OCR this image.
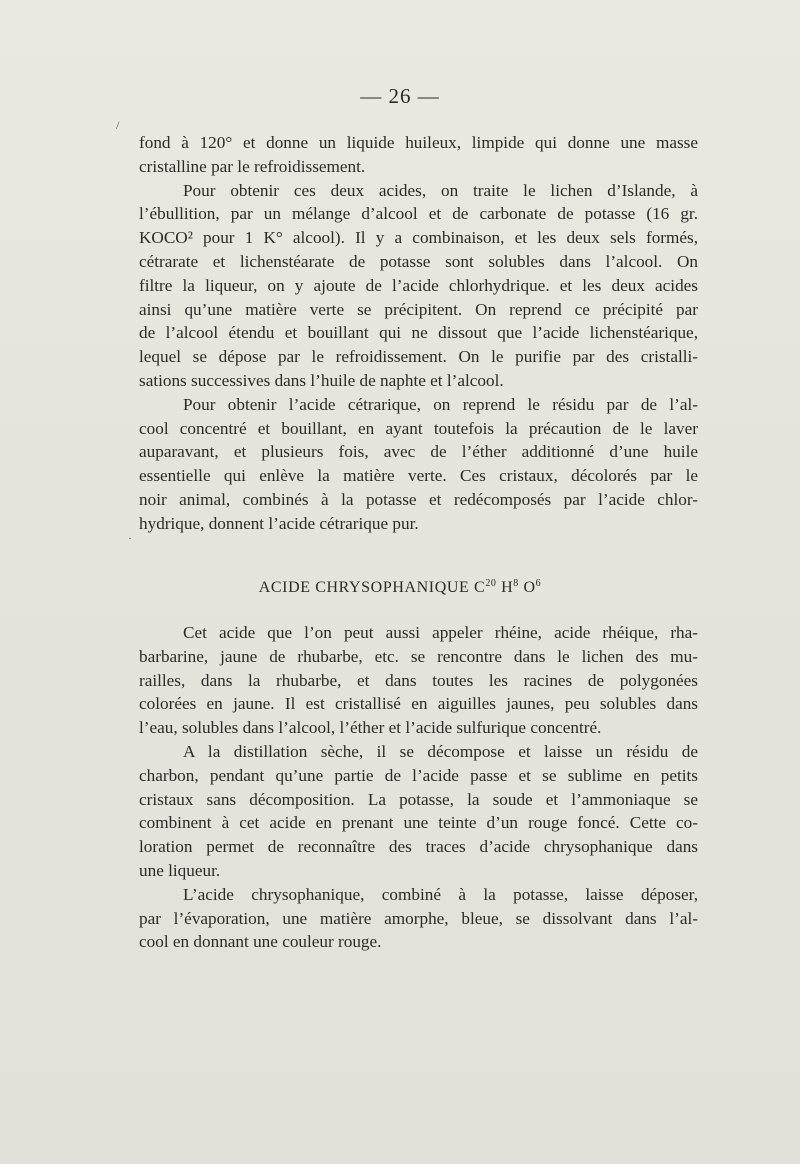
— 26 —
fond à 120° et donne un liquide huileux, limpide qui donne une masse
cristalline par le refroidissement.
Pour obtenir ces deux acides, on traite le lichen d’Islande, à
l’ébullition, par un mélange d’alcool et de carbonate de potasse (16 gr.
KOCO² pour 1 K° alcool). Il y a combinaison, et les deux sels formés,
cétrarate et lichenstéarate de potasse sont solubles dans l’alcool. On
filtre la liqueur, on y ajoute de l’acide chlorhydrique. et les deux acides
ainsi qu’une matière verte se précipitent. On reprend ce précipité par
de l’alcool étendu et bouillant qui ne dissout que l’acide lichenstéarique,
lequel se dépose par le refroidissement. On le purifie par des cristalli-
sations successives dans l’huile de naphte et l’alcool.
Pour obtenir l’acide cétrarique, on reprend le résidu par de l’al-
cool concentré et bouillant, en ayant toutefois la précaution de le laver
auparavant, et plusieurs fois, avec de l’éther additionné d’une huile
essentielle qui enlève la matière verte. Ces cristaux, décolorés par le
noir animal, combinés à la potasse et redécomposés par l’acide chlor-
hydrique, donnent l’acide cétrarique pur.
ACIDE CHRYSOPHANIQUE $C^{20}$ $H^8$ $O^6$
Cet acide que l’on peut aussi appeler rhéine, acide rhéique, rha-
barbarine, jaune de rhubarbe, etc. se rencontre dans le lichen des mu-
railles, dans la rhubarbe, et dans toutes les racines de polygonées
colorées en jaune. Il est cristallisé en aiguilles jaunes, peu solubles dans
l’eau, solubles dans l’alcool, l’éther et l’acide sulfurique concentré.
A la distillation sèche, il se décompose et laisse un résidu de
charbon, pendant qu’une partie de l’acide passe et se sublime en petits
cristaux sans décomposition. La potasse, la soude et l’ammoniaque se
combinent à cet acide en prenant une teinte d’un rouge foncé. Cette co-
loration permet de reconnaître des traces d’acide chrysophanique dans
une liqueur.
L’acide chrysophanique, combiné à la potasse, laisse déposer,
par l’évaporation, une matière amorphe, bleue, se dissolvant dans l’al-
cool en donnant une couleur rouge.
/
·
